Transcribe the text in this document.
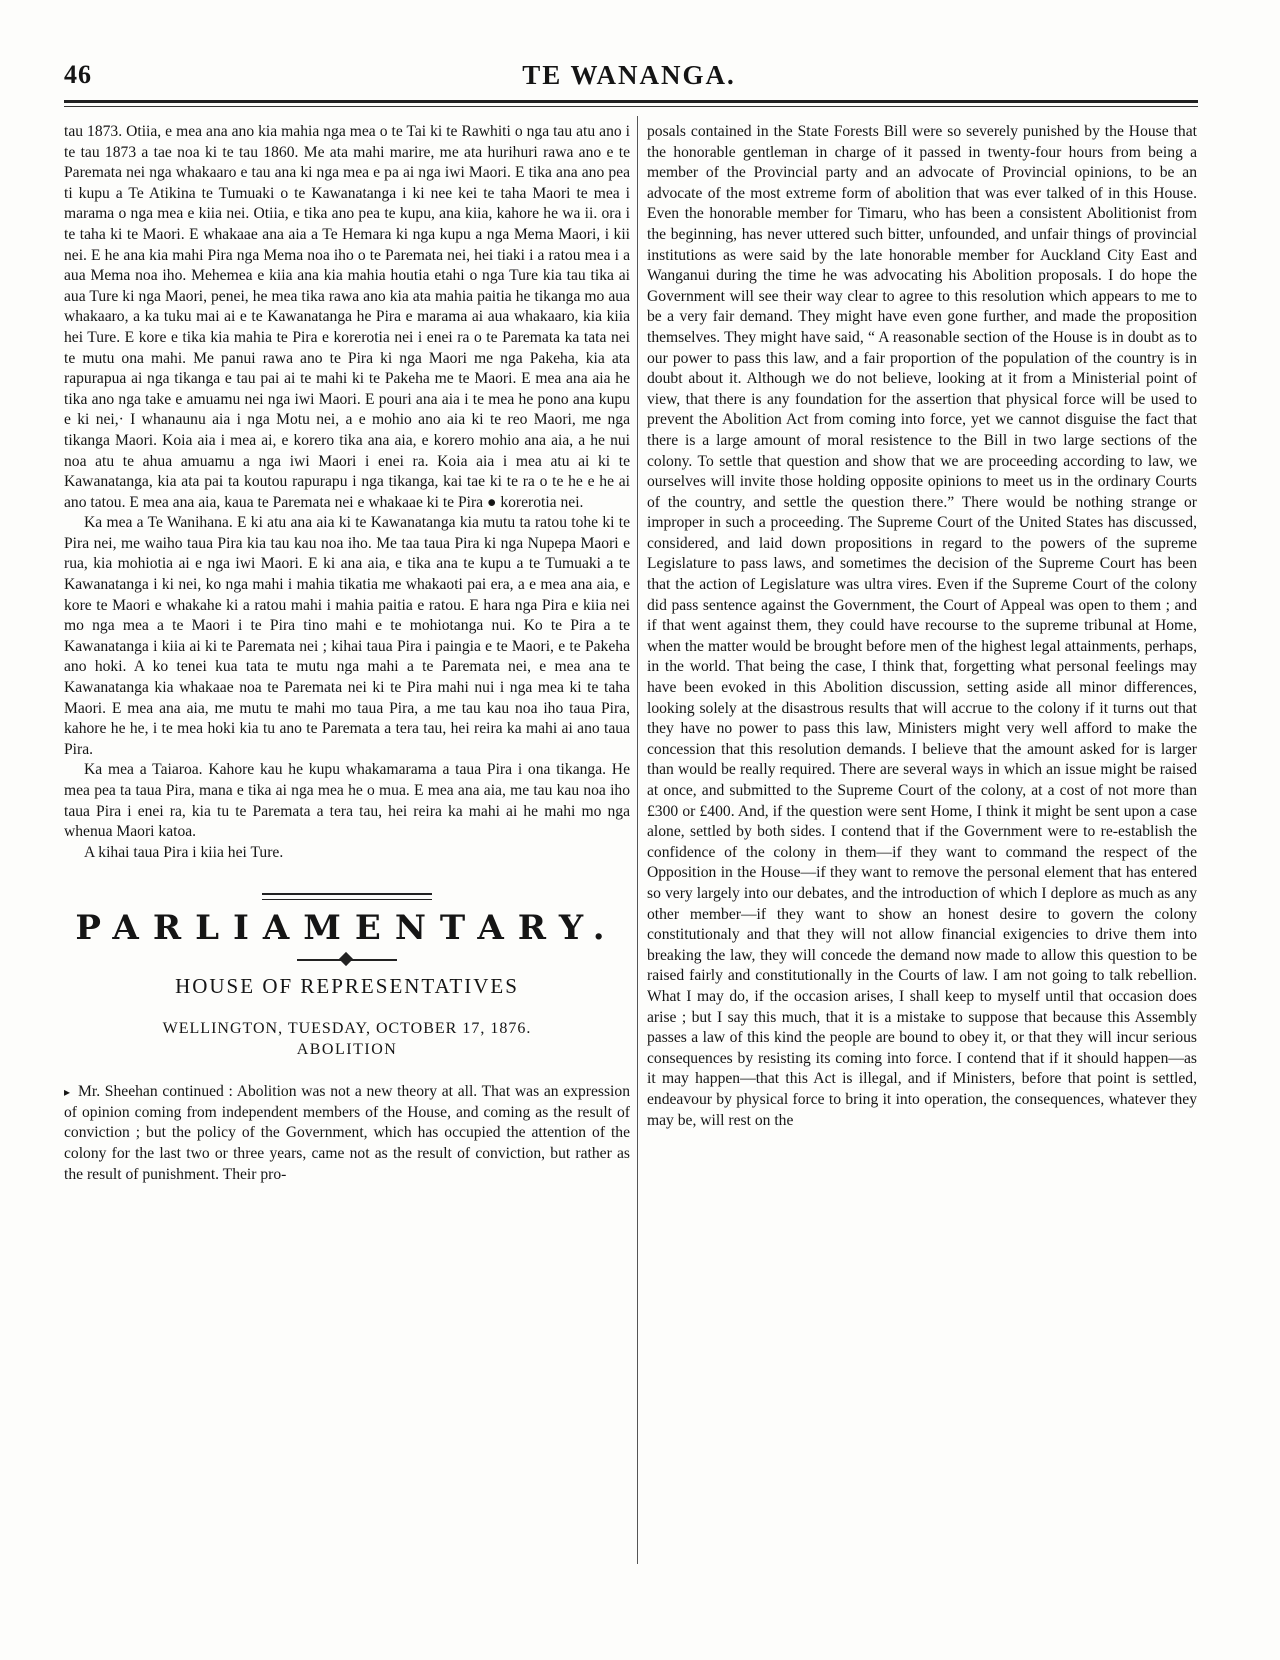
46	TE WANANGA.

tau 1873. Otiia, e mea ana ano kia mahia nga mea o te Tai ki te Rawhiti o nga tau atu ano i te tau 1873 a tae noa ki te tau 1860. Me ata mahi marire, me ata hurihuri rawa ano e te Paremata nei nga whakaaro e tau ana ki nga mea e pa ai nga iwi Maori. E tika ana ano pea ti kupu a Te Atikina te Tumuaki o te Kawanatanga i ki nee kei te taha Maori te mea i marama o nga mea e kiia nei. Otiia, e tika ano pea te kupu, ana kiia, kahore he wa ii. ora i te taha ki te Maori. E whakaae ana aia a Te Hemara ki nga kupu a nga Mema Maori, i kii nei. E he ana kia mahi Pira nga Mema noa iho o te Paremata nei, hei tiaki i a ratou mea i a aua Mema noa iho. Mehemea e kiia ana kia mahia houtia etahi o nga Ture kia tau tika ai aua Ture ki nga Maori, penei, he mea tika rawa ano kia ata mahia paitia he tikanga mo aua whakaaro, a ka tuku mai ai e te Kawanatanga he Pira e marama ai aua whakaaro, kia kiia hei Ture. E kore e tika kia mahia te Pira e korerotia nei i enei ra o te Paremata ka tata nei te mutu ona mahi. Me panui rawa ano te Pira ki nga Maori me nga Pakeha, kia ata rapurapua ai nga tikanga e tau pai ai te mahi ki te Pakeha me te Maori. E mea ana aia he tika ano nga take e amuamu nei nga iwi Maori. E pouri ana aia i te mea he pono ana kupu e ki nei,· I whanaunu aia i nga Motu nei, a e mohio ano aia ki te reo Maori, me nga tikanga Maori. Koia aia i mea ai, e korero tika ana aia, e korero mohio ana aia, a he nui noa atu te ahua amuamu a nga iwi Maori i enei ra. Koia aia i mea atu ai ki te Kawanatanga, kia ata pai ta koutou rapurapu i nga tikanga, kai tae ki te ra o te he e he ai ano tatou. E mea ana aia, kaua te Paremata nei e whakaae ki te Pira ● korerotia nei.

Ka mea a Te Wanihana. E ki atu ana aia ki te Kawanatanga kia mutu ta ratou tohe ki te Pira nei, me waiho taua Pira kia tau kau noa iho. Me taa taua Pira ki nga Nupepa Maori e rua, kia mohiotia ai e nga iwi Maori. E ki ana aia, e tika ana te kupu a te Tumuaki a te Kawanatanga i ki nei, ko nga mahi i mahia tikatia me whakaoti pai era, a e mea ana aia, e kore te Maori e whakahe ki a ratou mahi i mahia paitia e ratou. E hara nga Pira e kiia nei mo nga mea a te Maori i te Pira tino mahi e te mohiotanga nui. Ko te Pira a te Kawanatanga i kiia ai ki te Paremata nei ; kihai taua Pira i paingia e te Maori, e te Pakeha ano hoki. A ko tenei kua tata te mutu nga mahi a te Paremata nei, e mea ana te Kawanatanga kia whakaae noa te Paremata nei ki te Pira mahi nui i nga mea ki te taha Maori. E mea ana aia, me mutu te mahi mo taua Pira, a me tau kau noa iho taua Pira, kahore he he, i te mea hoki kia tu ano te Paremata a tera tau, hei reira ka mahi ai ano taua Pira.

Ka mea a Taiaroa. Kahore kau he kupu whakamarama a taua Pira i ona tikanga. He mea pea ta taua Pira, mana e tika ai nga mea he o mua. E mea ana aia, me tau kau noa iho taua Pira i enei ra, kia tu te Paremata a tera tau, hei reira ka mahi ai he mahi mo nga whenua Maori katoa.

A kihai taua Pira i kiia hei Ture.

PARLIAMENTARY.
HOUSE OF REPRESENTATIVES
WELLINGTON, TUESDAY, OCTOBER 17, 1876.
ABOLITION

▸ Mr. Sheehan continued : Abolition was not a new theory at all. That was an expression of opinion coming from independent members of the House, and coming as the result of conviction ; but the policy of the Government, which has occupied the attention of the colony for the last two or three years, came not as the result of conviction, but rather as the result of punishment. Their pro-

posals contained in the State Forests Bill were so severely punished by the House that the honorable gentleman in charge of it passed in twenty-four hours from being a member of the Provincial party and an advocate of Provincial opinions, to be an advocate of the most extreme form of abolition that was ever talked of in this House. Even the honorable member for Timaru, who has been a consistent Abolitionist from the beginning, has never uttered such bitter, unfounded, and unfair things of provincial institutions as were said by the late honorable member for Auckland City East and Wanganui during the time he was advocating his Abolition proposals. I do hope the Government will see their way clear to agree to this resolution which appears to me to be a very fair demand. They might have even gone further, and made the proposition themselves. They might have said, “ A reasonable section of the House is in doubt as to our power to pass this law, and a fair proportion of the population of the country is in doubt about it. Although we do not believe, looking at it from a Ministerial point of view, that there is any foundation for the assertion that physical force will be used to prevent the Abolition Act from coming into force, yet we cannot disguise the fact that there is a large amount of moral resistence to the Bill in two large sections of the colony. To settle that question and show that we are proceeding according to law, we ourselves will invite those holding opposite opinions to meet us in the ordinary Courts of the country, and settle the question there.” There would be nothing strange or improper in such a proceeding. The Supreme Court of the United States has discussed, considered, and laid down propositions in regard to the powers of the supreme Legislature to pass laws, and sometimes the decision of the Supreme Court has been that the action of Legislature was ultra vires. Even if the Supreme Court of the colony did pass sentence against the Government, the Court of Appeal was open to them ; and if that went against them, they could have recourse to the supreme tribunal at Home, when the matter would be brought before men of the highest legal attainments, perhaps, in the world. That being the case, I think that, forgetting what personal feelings may have been evoked in this Abolition discussion, setting aside all minor differences, looking solely at the disastrous results that will accrue to the colony if it turns out that they have no power to pass this law, Ministers might very well afford to make the concession that this resolution demands. I believe that the amount asked for is larger than would be really required. There are several ways in which an issue might be raised at once, and submitted to the Supreme Court of the colony, at a cost of not more than £300 or £400. And, if the question were sent Home, I think it might be sent upon a case alone, settled by both sides. I contend that if the Government were to re-establish the confidence of the colony in them—if they want to command the respect of the Opposition in the House—if they want to remove the personal element that has entered so very largely into our debates, and the introduction of which I deplore as much as any other member—if they want to show an honest desire to govern the colony constitutionaly and that they will not allow financial exigencies to drive them into breaking the law, they will concede the demand now made to allow this question to be raised fairly and constitutionally in the Courts of law. I am not going to talk rebellion. What I may do, if the occasion arises, I shall keep to myself until that occasion does arise ; but I say this much, that it is a mistake to suppose that because this Assembly passes a law of this kind the people are bound to obey it, or that they will incur serious consequences by resisting its coming into force. I contend that if it should happen—as it may happen—that this Act is illegal, and if Ministers, before that point is settled, endeavour by physical force to bring it into operation, the consequences, whatever they may be, will rest on the
